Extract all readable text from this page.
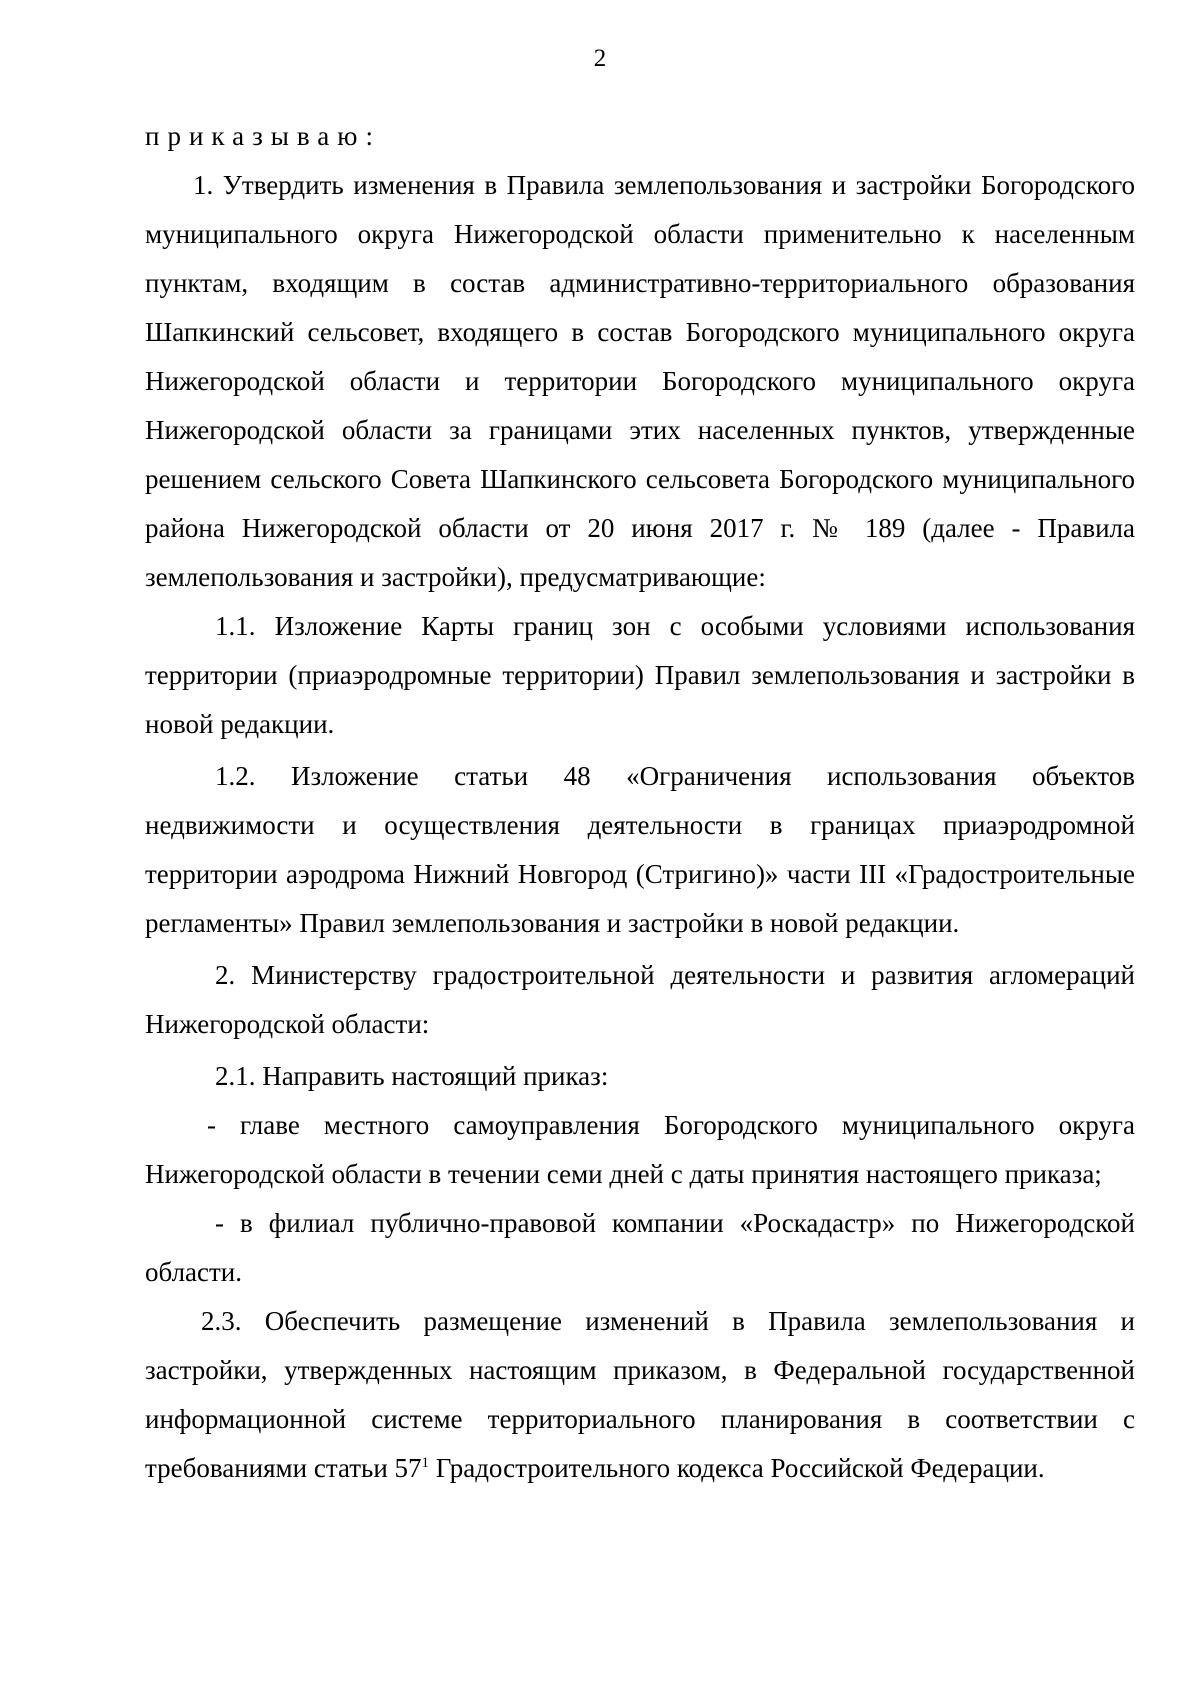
2

приказываю:

1. Утвердить изменения в Правила землепользования и застройки Богородского муниципального округа Нижегородской области применительно к населенным пунктам, входящим в состав административно-территориального образования Шапкинский сельсовет, входящего в состав Богородского муниципального округа Нижегородской области и территории Богородского муниципального округа Нижегородской области за границами этих населенных пунктов, утвержденные решением сельского Совета Шапкинского сельсовета Богородского муниципального района Нижегородской области от 20 июня 2017 г. № 189 (далее - Правила землепользования и застройки), предусматривающие:

1.1. Изложение Карты границ зон с особыми условиями использования территории (приаэродромные территории) Правил землепользования и застройки в новой редакции.

1.2. Изложение статьи 48 «Ограничения использования объектов недвижимости и осуществления деятельности в границах приаэродромной территории аэродрома Нижний Новгород (Стригино)» части III «Градостроительные регламенты» Правил землепользования и застройки в новой редакции.

2. Министерству градостроительной деятельности и развития агломераций Нижегородской области:

2.1. Направить настоящий приказ:

- главе местного самоуправления Богородского муниципального округа Нижегородской области в течении семи дней с даты принятия настоящего приказа;

- в филиал публично-правовой компании «Роскадастр» по Нижегородской области.

2.3. Обеспечить размещение изменений в Правила землепользования и застройки, утвержденных настоящим приказом, в Федеральной государственной информационной системе территориального планирования в соответствии с требованиями статьи $57^1$ Градостроительного кодекса Российской Федерации.
